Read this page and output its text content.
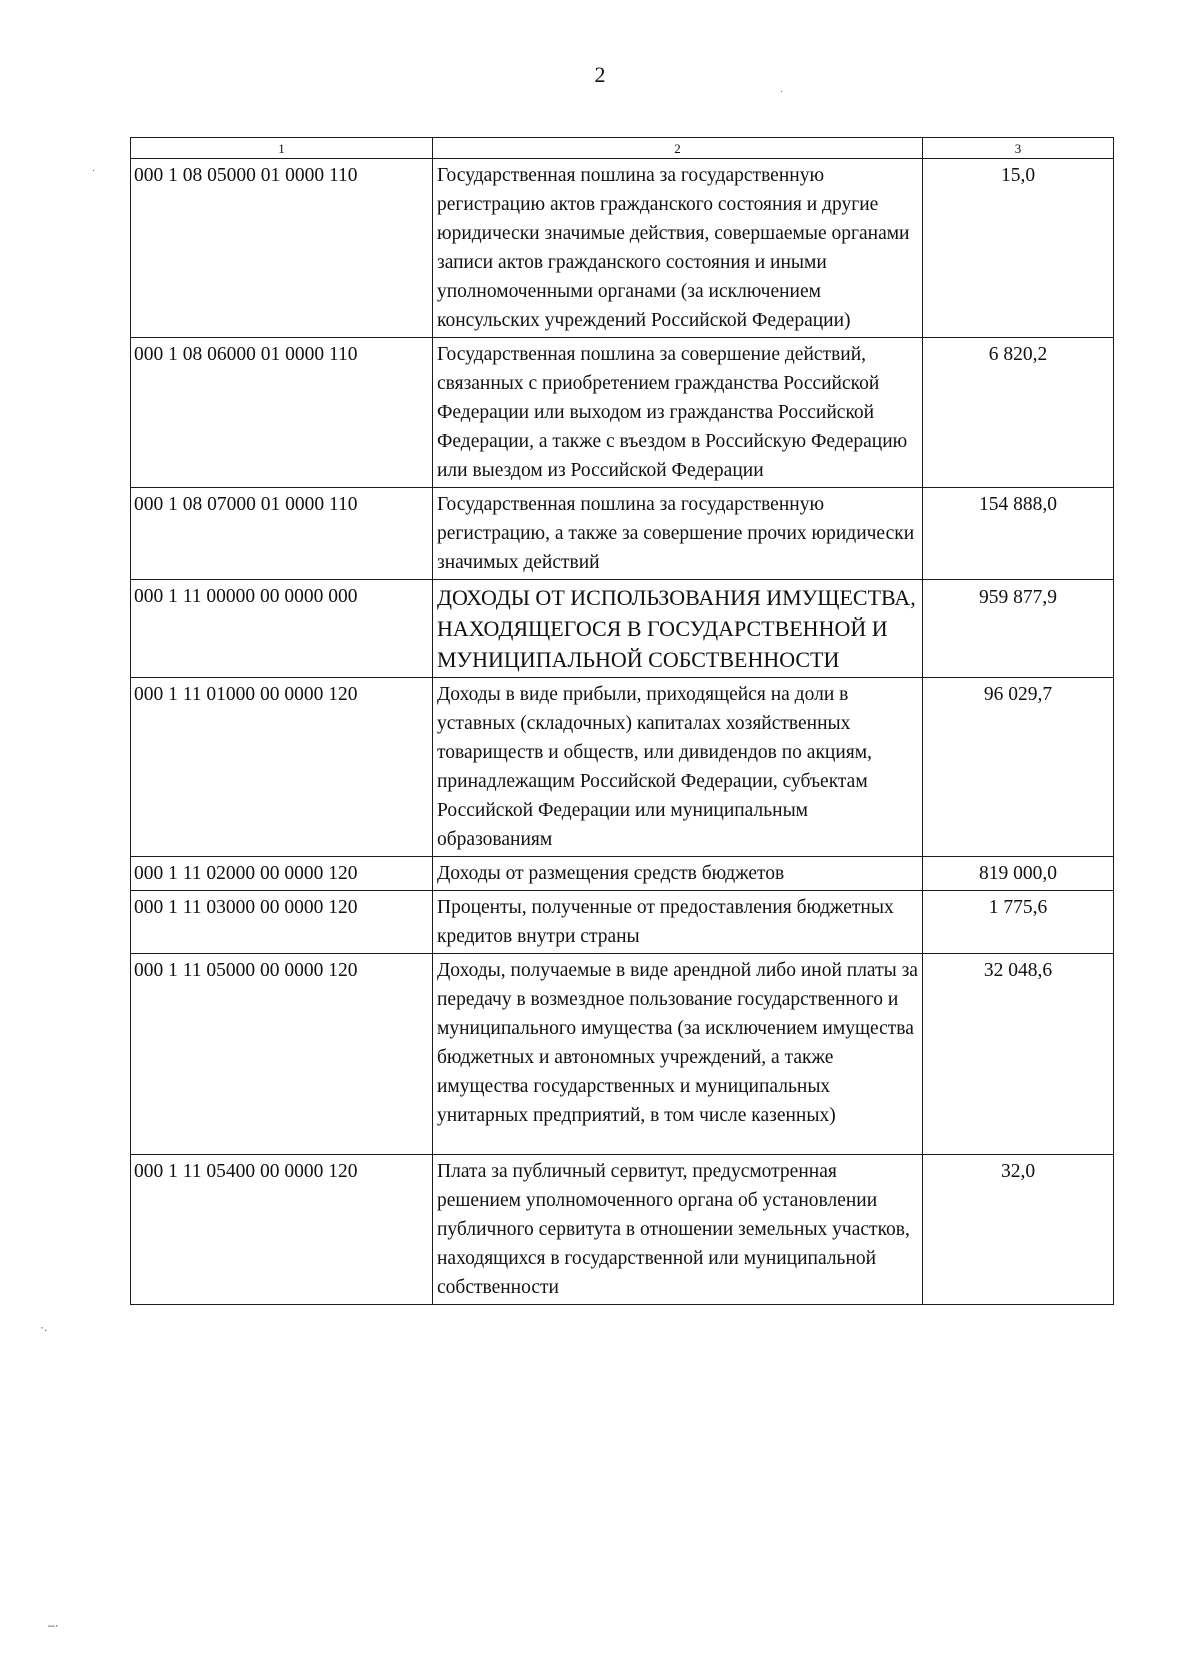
2
1	2	3
000 1 08 05000 01 0000 110	Государственная пошлина за государственную регистрацию актов гражданского состояния и другие юридически значимые действия, совершаемые органами записи актов гражданского состояния и иными уполномоченными органами (за исключением консульских учреждений Российской Федерации)	15,0
000 1 08 06000 01 0000 110	Государственная пошлина за совершение действий, связанных с приобретением гражданства Российской Федерации или выходом из гражданства Российской Федерации, а также с въездом в Российскую Федерацию или выездом из Российской Федерации	6 820,2
000 1 08 07000 01 0000 110	Государственная пошлина за государственную регистрацию, а также за совершение прочих юридически значимых действий	154 888,0
000 1 11 00000 00 0000 000	ДОХОДЫ ОТ ИСПОЛЬЗОВАНИЯ ИМУЩЕСТВА, НАХОДЯЩЕГОСЯ В ГОСУДАРСТВЕННОЙ И МУНИЦИПАЛЬНОЙ СОБСТВЕННОСТИ	959 877,9
000 1 11 01000 00 0000 120	Доходы в виде прибыли, приходящейся на доли в уставных (складочных) капиталах хозяйственных товариществ и обществ, или дивидендов по акциям, принадлежащим Российской Федерации, субъектам Российской Федерации или муниципальным образованиям	96 029,7
000 1 11 02000 00 0000 120	Доходы от размещения средств бюджетов	819 000,0
000 1 11 03000 00 0000 120	Проценты, полученные от предоставления бюджетных кредитов внутри страны	1 775,6
000 1 11 05000 00 0000 120	Доходы, получаемые в виде арендной либо иной платы за передачу в возмездное пользование государственного и муниципального имущества (за исключением имущества бюджетных и автономных учреждений, а также имущества государственных и муниципальных унитарных предприятий, в том числе казенных)	32 048,6
000 1 11 05400 00 0000 120	Плата за публичный сервитут, предусмотренная решением уполномоченного органа об установлении публичного сервитута в отношении земельных участков, находящихся в государственной или муниципальной собственности	32,0
·
·
·.
‒·
